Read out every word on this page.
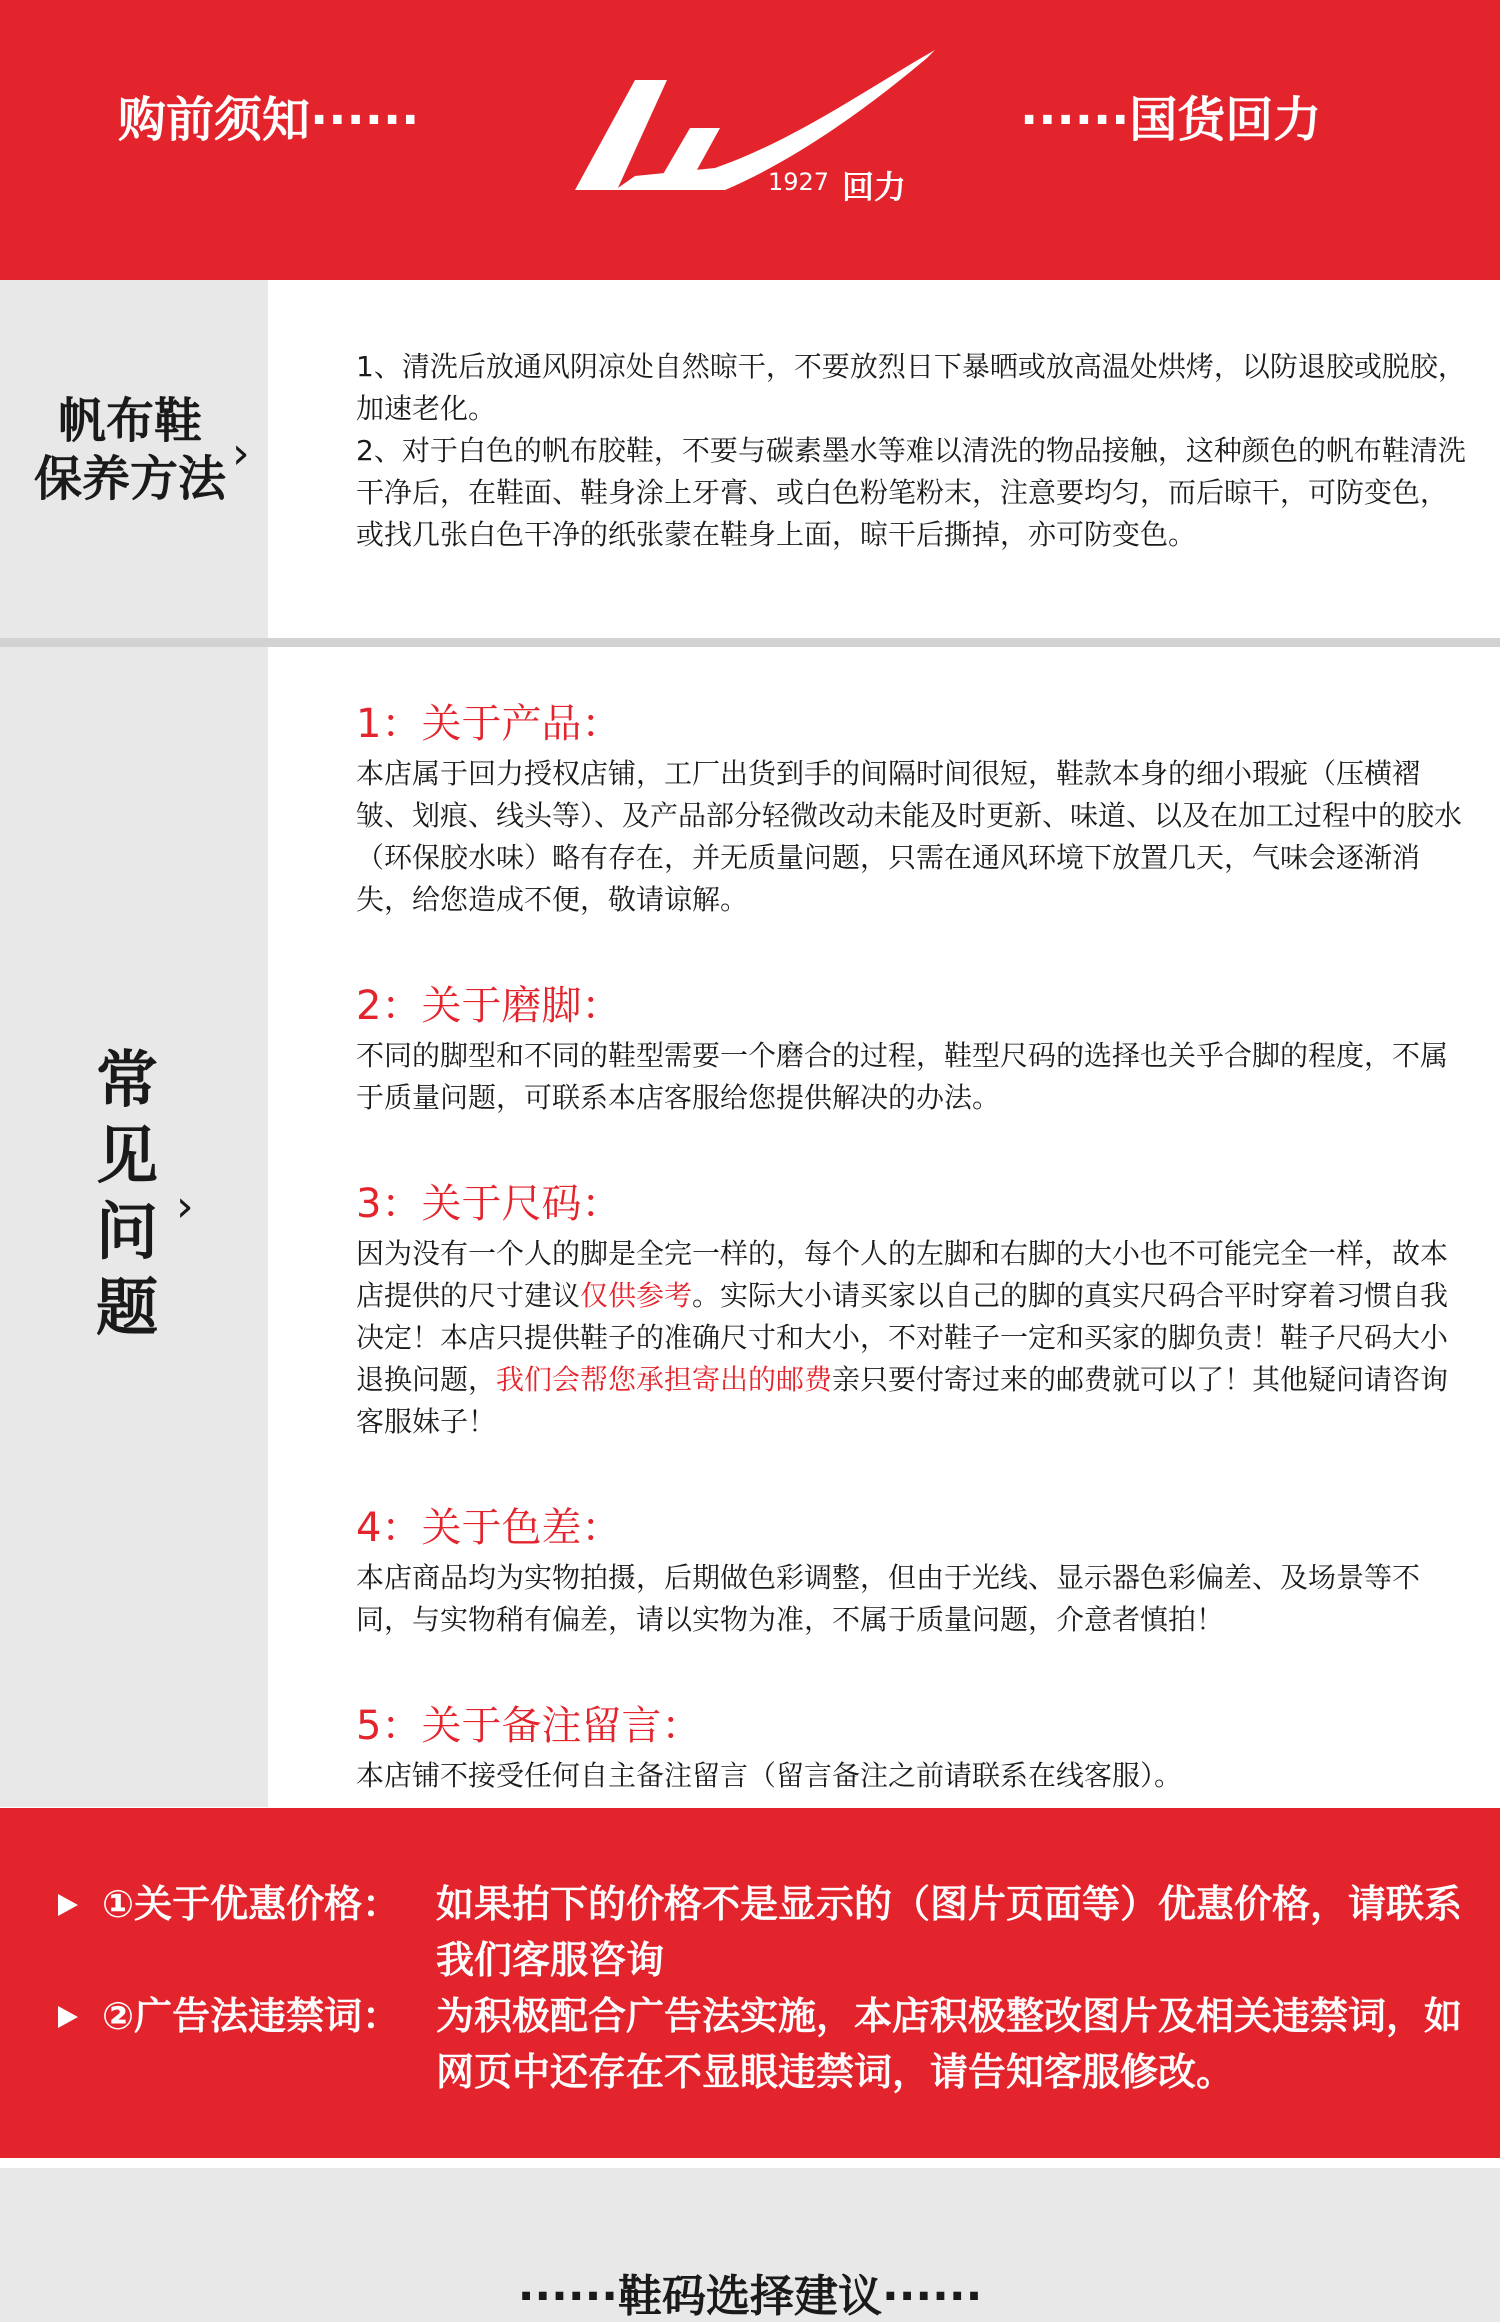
购前须知······
1927 回力
······国货回力
帆布鞋
保养方法 ›

1、清洗后放通风阴凉处自然晾干，不要放烈日下暴晒或放高温处烘烤，以防退胶或脱胶，加速老化。

2、对于白色的帆布胶鞋，不要与碳素墨水等难以清洗的物品接触，这种颜色的帆布鞋清洗干净后，在鞋面、鞋身涂上牙膏、或白色粉笔粉末，注意要均匀，而后晾干，可防变色，或找几张白色干净的纸张蒙在鞋身上面，晾干后撕掉，亦可防变色。

常见问题
›
1：关于产品：

本店属于回力授权店铺，工厂出货到手的间隔时间很短，鞋款本身的细小瑕疵（压横褶皱、划痕、线头等）、及产品部分轻微改动未能及时更新、味道、以及在加工过程中的胶水（环保胶水味）略有存在，并无质量问题，只需在通风环境下放置几天，气味会逐渐消失，给您造成不便，敬请谅解。

2：关于磨脚：

不同的脚型和不同的鞋型需要一个磨合的过程，鞋型尺码的选择也关乎合脚的程度，不属于质量问题，可联系本店客服给您提供解决的办法。

3：关于尺码：

因为没有一个人的脚是全完一样的，每个人的左脚和右脚的大小也不可能完全一样，故本店提供的尺寸建议仅供参考。实际大小请买家以自己的脚的真实尺码合平时穿着习惯自我决定！本店只提供鞋子的准确尺寸和大小，不对鞋子一定和买家的脚负责！鞋子尺码大小退换问题，我们会帮您承担寄出的邮费亲只要付寄过来的邮费就可以了！其他疑问请咨询客服妹子！

4：关于色差：

本店商品均为实物拍摄，后期做色彩调整，但由于光线、显示器色彩偏差、及场景等不同，与实物稍有偏差，请以实物为准，不属于质量问题，介意者慎拍！

5：关于备注留言：

本店铺不接受任何自主备注留言（留言备注之前请联系在线客服）。

①关于优惠价格： 如果拍下的价格不是显示的（图片页面等）优惠价格，请联系我们客服咨询
②广告法违禁词： 为积极配合广告法实施，本店积极整改图片及相关违禁词，如网页中还存在不显眼违禁词，请告知客服修改。
······鞋码选择建议······
